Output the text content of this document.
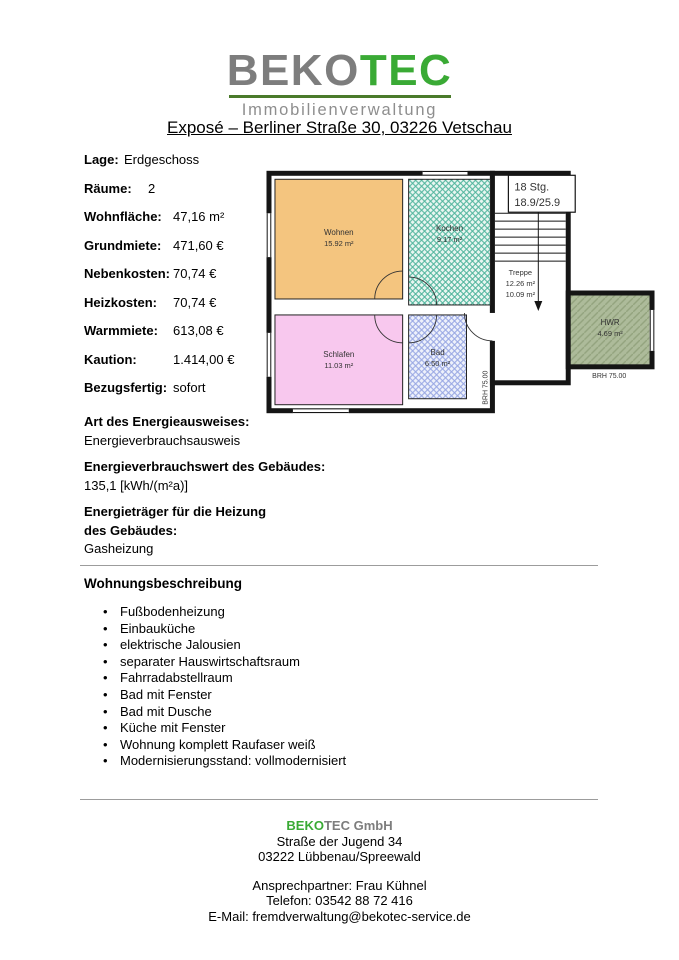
BEKOTEC
Immobilienverwaltung
Exposé – Berliner Straße 30, 03226 Vetschau
Lage: Erdgeschoss
Räume: 2
Wohnfläche: 47,16 m²
Grundmiete: 471,60 €
Nebenkosten: 70,74 €
Heizkosten: 70,74 €
Warmmiete: 613,08 €
Kaution:	1.414,00 €
Bezugsfertig: sofort

Art des Energieausweises:

Energieverbrauchsausweis

Energieverbrauchswert des Gebäudes:

135,1 [kWh/(m²a)]

Energieträger für die Heizung

des Gebäudes:

Gasheizung

18 Stg.
18.9/25.9
Wohnen
15.92 m²
Kochen
9.17 m²
Schlafen
11.03 m²
Bad
6.50 m²
Treppe
12.26 m²
10.09 m²
HWR
4.69 m²
BRH 75.00	BRH 75.00
Wohnungsbeschreibung
• Fußbodenheizung
• Einbauküche
• elektrische Jalousien
• separater Hauswirtschaftsraum
• Fahrradabstellraum
• Bad mit Fenster
• Bad mit Dusche
• Küche mit Fenster
• Wohnung komplett Raufaser weiß
• Modernisierungsstand: vollmodernisiert
BEKOTEC GmbH
Straße der Jugend 34
03222 Lübbenau/Spreewald
Ansprechpartner: Frau Kühnel
Telefon: 03542 88 72 416
E-Mail: fremdverwaltung@bekotec-service.de
